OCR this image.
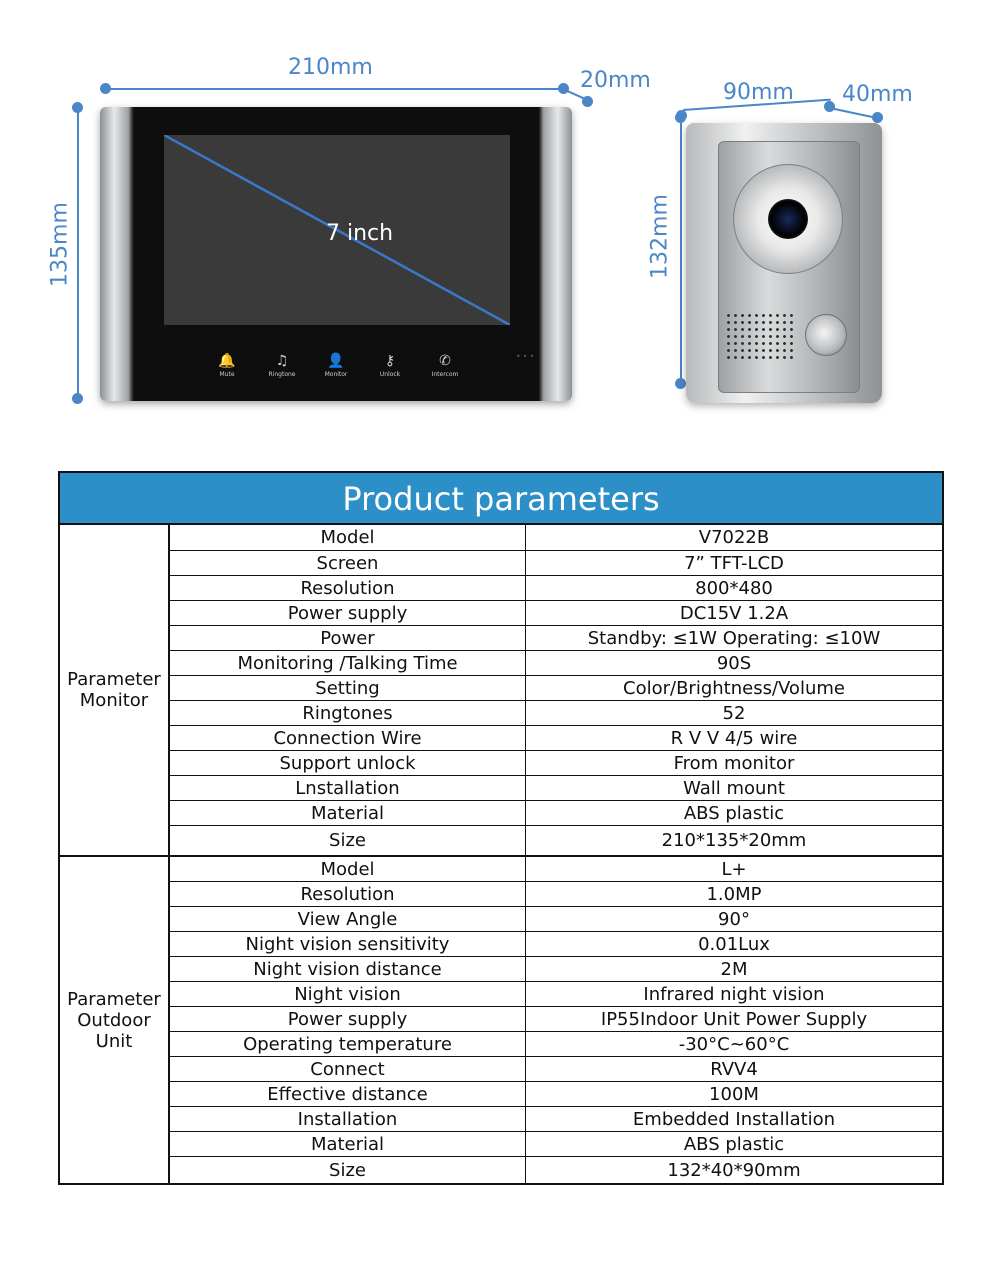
210mm
20mm
135mm	7 inch
🔔
Mute
♫
Ringtone
👤
Monitor
⚷
Unlock
✆
Intercom
•••
90mm 40mm
132mm
Product parameters
Parameter Monitor
Model	V7022B
Screen	7” TFT-LCD
Resolution	800*480
Power supply	DC15V 1.2A
Power	Standby: ≤1W Operating: ≤10W
Monitoring /Talking Time	90S
Setting	Color/Brightness/Volume
Ringtones	52
Connection Wire	R V V 4/5 wire
Support unlock	From monitor
Lnstallation	Wall mount
Material	ABS plastic
Size	210*135*20mm
Parameter Outdoor Unit
Model	L+
Resolution	1.0MP
View Angle	90°
Night vision sensitivity	0.01Lux
Night vision distance	2M
Night vision	Infrared night vision
Power supply	IP55Indoor Unit Power Supply
Operating temperature	-30°C~60°C
Connect	RVV4
Effective distance	100M
Installation	Embedded Installation
Material	ABS plastic
Size	132*40*90mm
